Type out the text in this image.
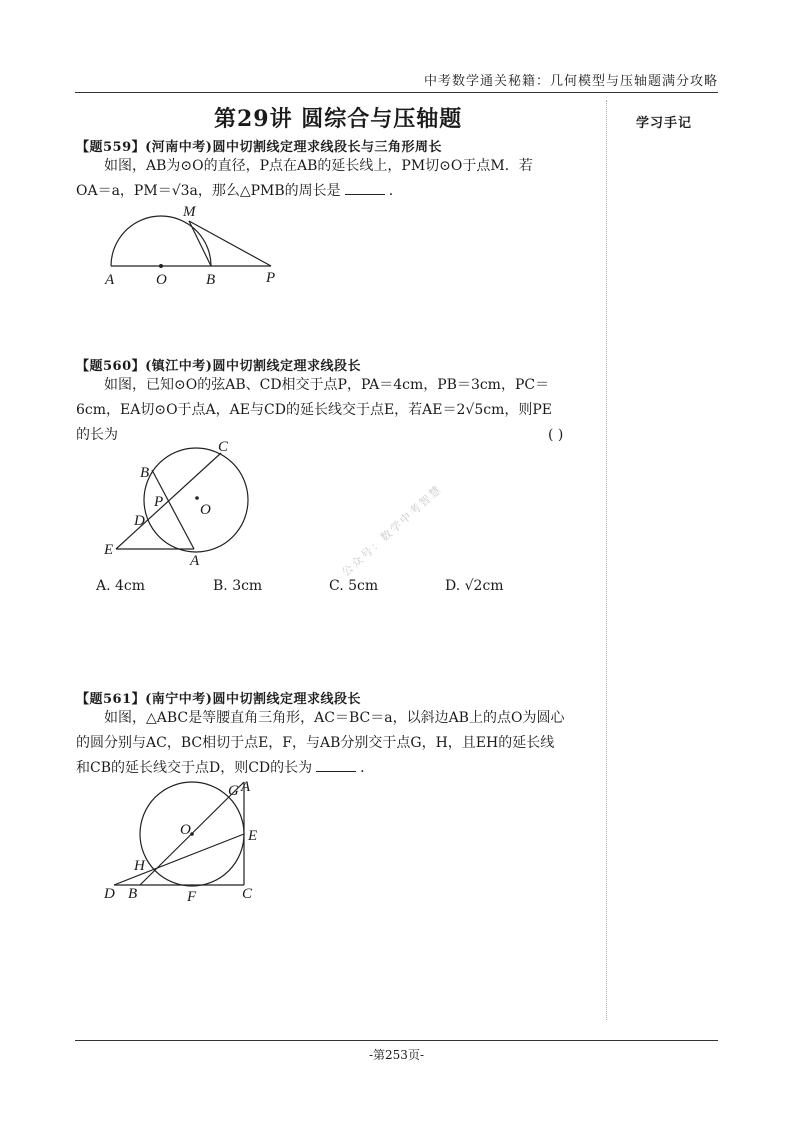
中考数学通关秘籍：几何模型与压轴题满分攻略
学习手记
第29讲 圆综合与压轴题
【题559】(河南中考)圆中切割线定理求线段长与三角形周长
如图，AB为⊙O的直径，P点在AB的延长线上，PM切⊙O于点M．若
OA＝a，PM＝√3a，那么△PMB的周长是	．
A	O	B	P
M
【题560】(镇江中考)圆中切割线定理求线段长
如图，已知⊙O的弦AB、CD相交于点P，PA＝4cm，PB＝3cm，PC＝
6cm，EA切⊙O于点A，AE与CD的延长线交于点E，若AE＝2√5cm，则PE
的长为	( )
B
C
P O
D
E
A
A. 4cm	B. 3cm	C. 5cm	D. √2cm
【题561】(南宁中考)圆中切割线定理求线段长
如图，△ABC是等腰直角三角形，AC＝BC＝a，以斜边AB上的点O为圆心
的圆分别与AC，BC相切于点E，F，与AB分别交于点G，H，且EH的延长线
和CB的延长线交于点D，则CD的长为	．
G A
O	E
H
D B	F	C
公众号：数学中考智慧
-第253页-
